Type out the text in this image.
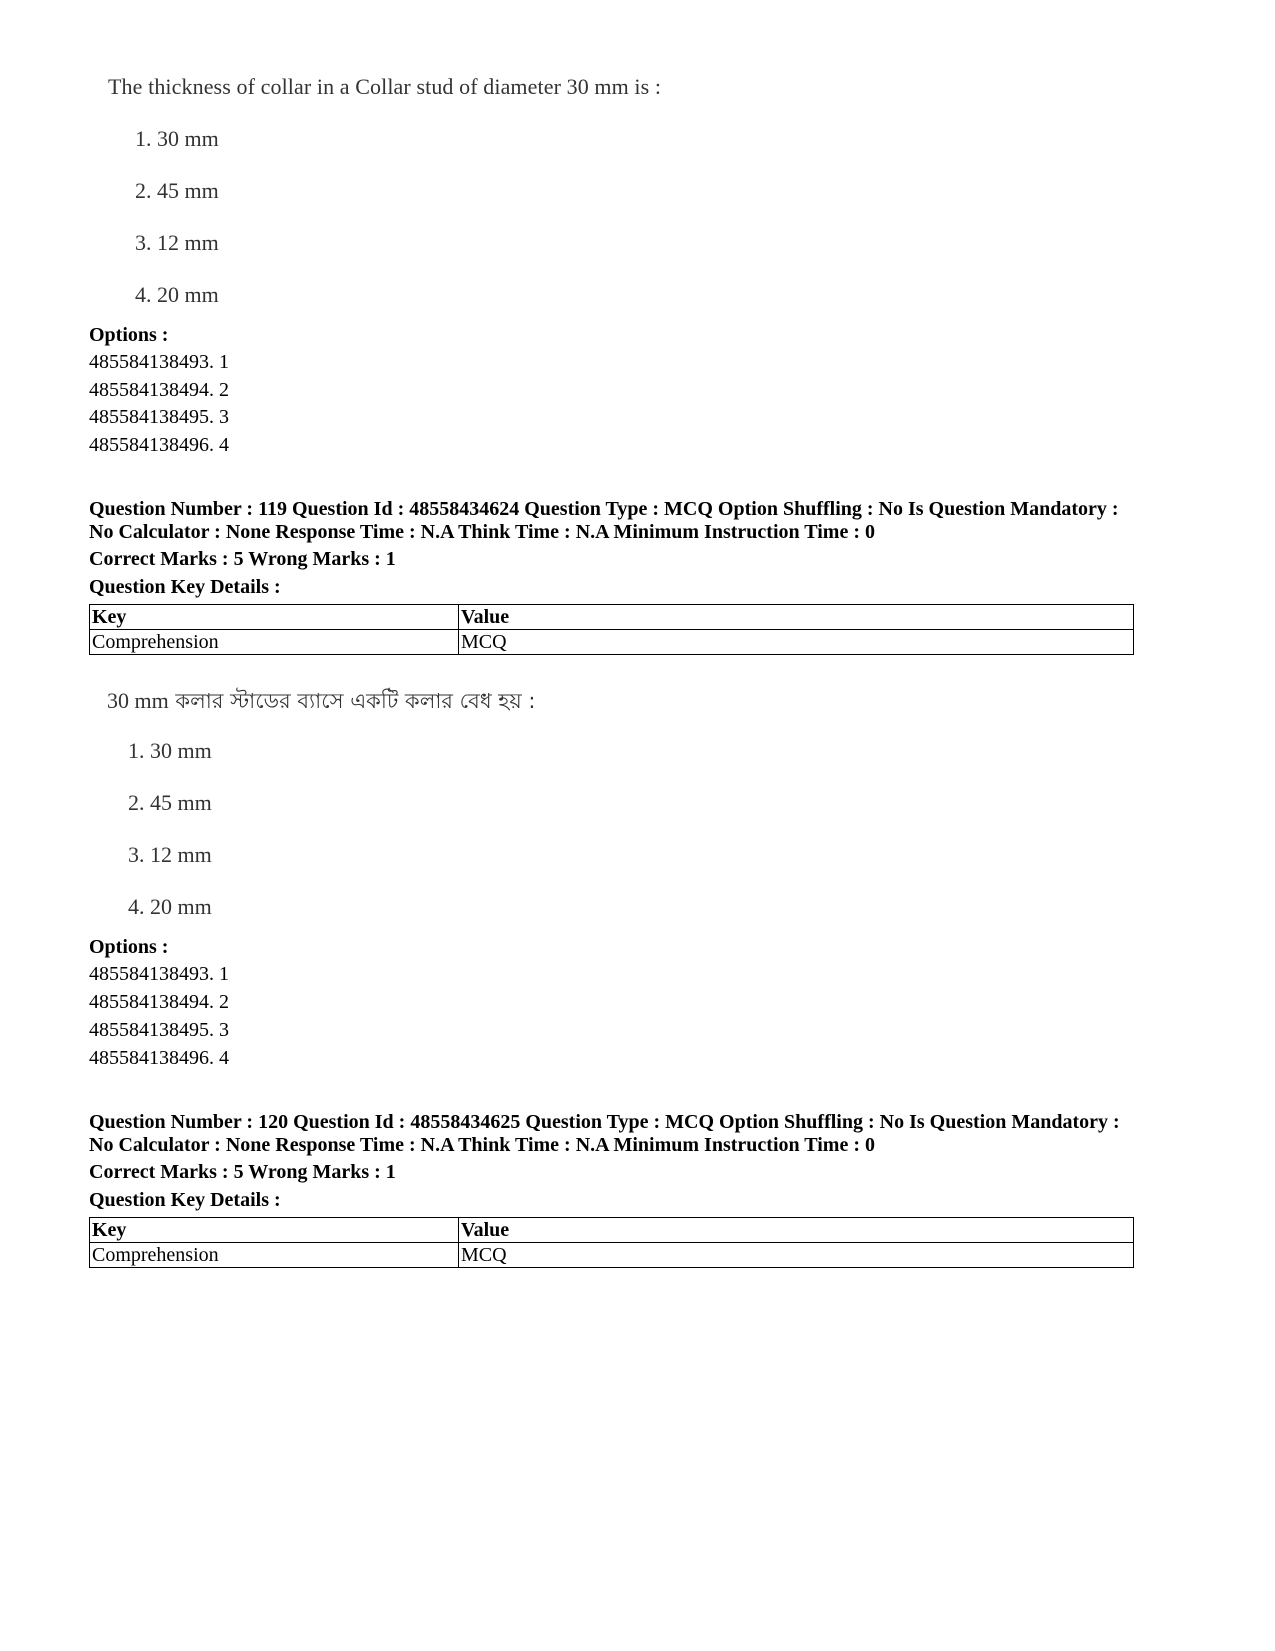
The thickness of collar in a Collar stud of diameter 30 mm is :
1. 30 mm
2. 45 mm
3. 12 mm
4. 20 mm
Options :
485584138493. 1
485584138494. 2
485584138495. 3
485584138496. 4
Question Number : 119 Question Id : 48558434624 Question Type : MCQ Option Shuffling : No Is Question Mandatory :
No Calculator : None Response Time : N.A Think Time : N.A Minimum Instruction Time : 0
Correct Marks : 5 Wrong Marks : 1
Question Key Details :
Key	Value
Comprehension	MCQ
30 mm কলার স্টাডের ব্যাসে একটি কলার বেধ হয় :
1. 30 mm
2. 45 mm
3. 12 mm
4. 20 mm
Options :
485584138493. 1
485584138494. 2
485584138495. 3
485584138496. 4
Question Number : 120 Question Id : 48558434625 Question Type : MCQ Option Shuffling : No Is Question Mandatory :
No Calculator : None Response Time : N.A Think Time : N.A Minimum Instruction Time : 0
Correct Marks : 5 Wrong Marks : 1
Question Key Details :
Key	Value
Comprehension	MCQ
